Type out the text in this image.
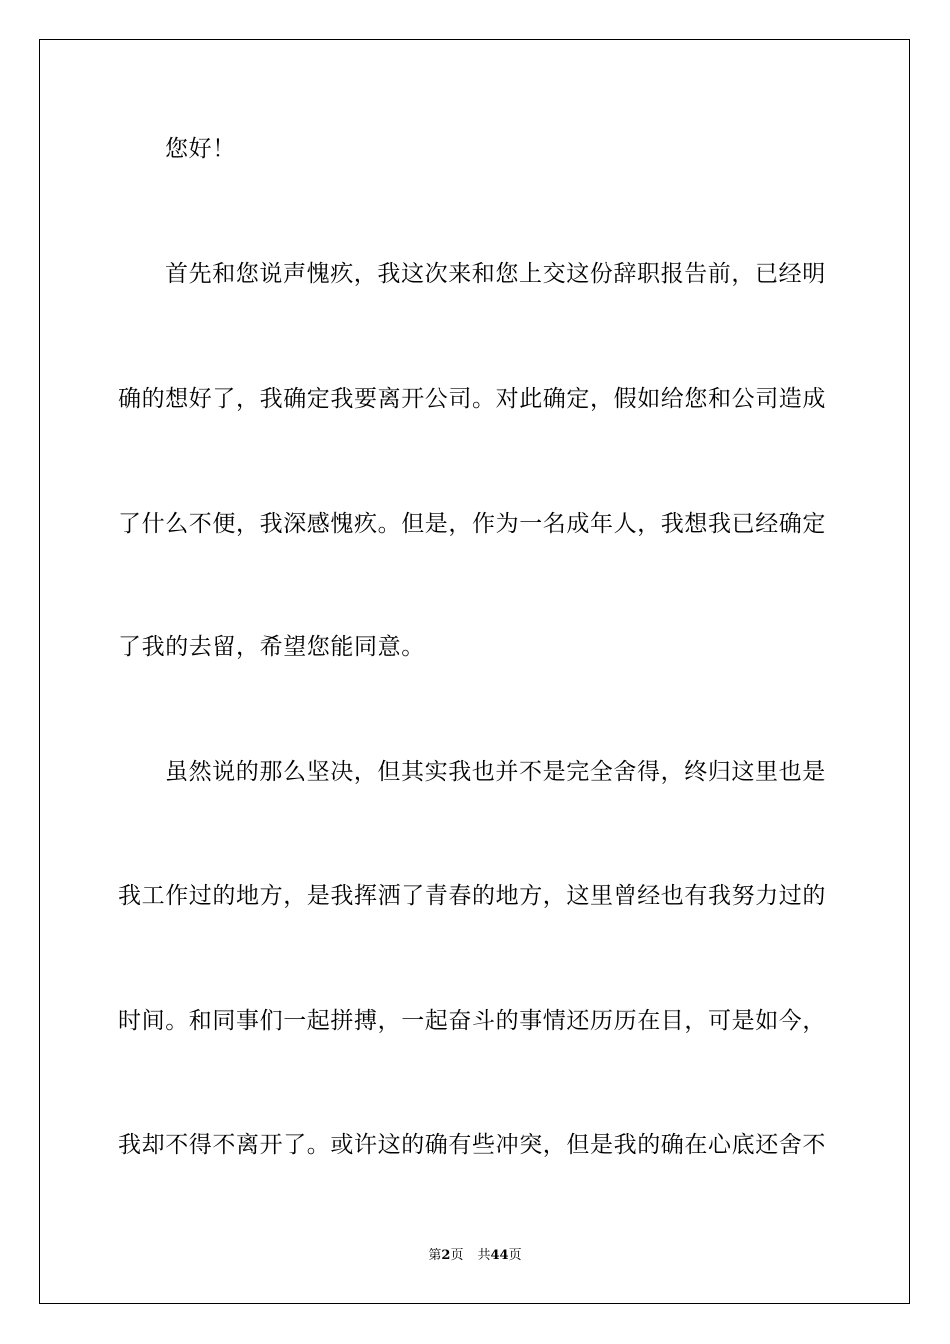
您好！
首先和您说声愧疚，我这次来和您上交这份辞职报告前，已经明
确的想好了，我确定我要离开公司。对此确定，假如给您和公司造成
了什么不便，我深感愧疚。但是，作为一名成年人，我想我已经确定
了我的去留，希望您能同意。
虽然说的那么坚决，但其实我也并不是完全舍得，终归这里也是
我工作过的地方，是我挥洒了青春的地方，这里曾经也有我努力过的
时间。和同事们一起拼搏，一起奋斗的事情还历历在目，可是如今，
我却不得不离开了。或许这的确有些冲突，但是我的确在心底还舍不
第2页 共44页
